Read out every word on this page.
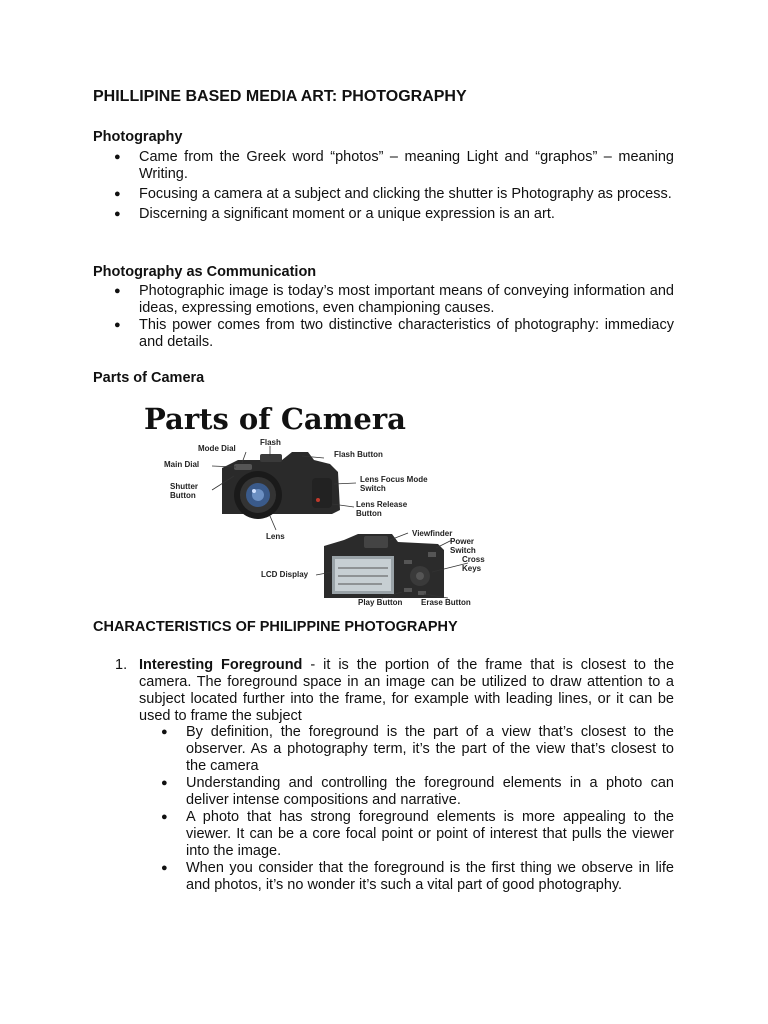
PHILLIPINE BASED MEDIA ART: PHOTOGRAPHY
Photography
● Came from the Greek word “photos” – meaning Light and “graphos” – meaning Writing.
● Focusing a camera at a subject and clicking the shutter is Photography as process.
● Discerning a significant moment or a unique expression is an art.
Photography as Communication
● Photographic image is today’s most important means of conveying information and ideas, expressing emotions, even championing causes.
● This power comes from two distinctive characteristics of photography: immediacy and details.
Parts of Camera
Parts of Camera
Mode Dial
Flash
Main Dial
Flash Button
Shutter
Button
Lens Focus Mode
Switch
Lens Release
Button
Lens	Viewfinder
Power
Switch
Cross
Keys
LCD Display
Play Button Erase Button
CHARACTERISTICS OF PHILIPPINE PHOTOGRAPHY
1. Interesting Foreground - it is the portion of the frame that is closest to the camera. The foreground space in an image can be utilized to draw attention to a subject located further into the frame, for example with leading lines, or it can be used to frame the subject
● By definition, the foreground is the part of a view that’s closest to the observer. As a photography term, it’s the part of the view that’s closest to the camera
● Understanding and controlling the foreground elements in a photo can deliver intense compositions and narrative.
● A photo that has strong foreground elements is more appealing to the viewer. It can be a core focal point or point of interest that pulls the viewer into the image.
● When you consider that the foreground is the first thing we observe in life and photos, it’s no wonder it’s such a vital part of good photography.
